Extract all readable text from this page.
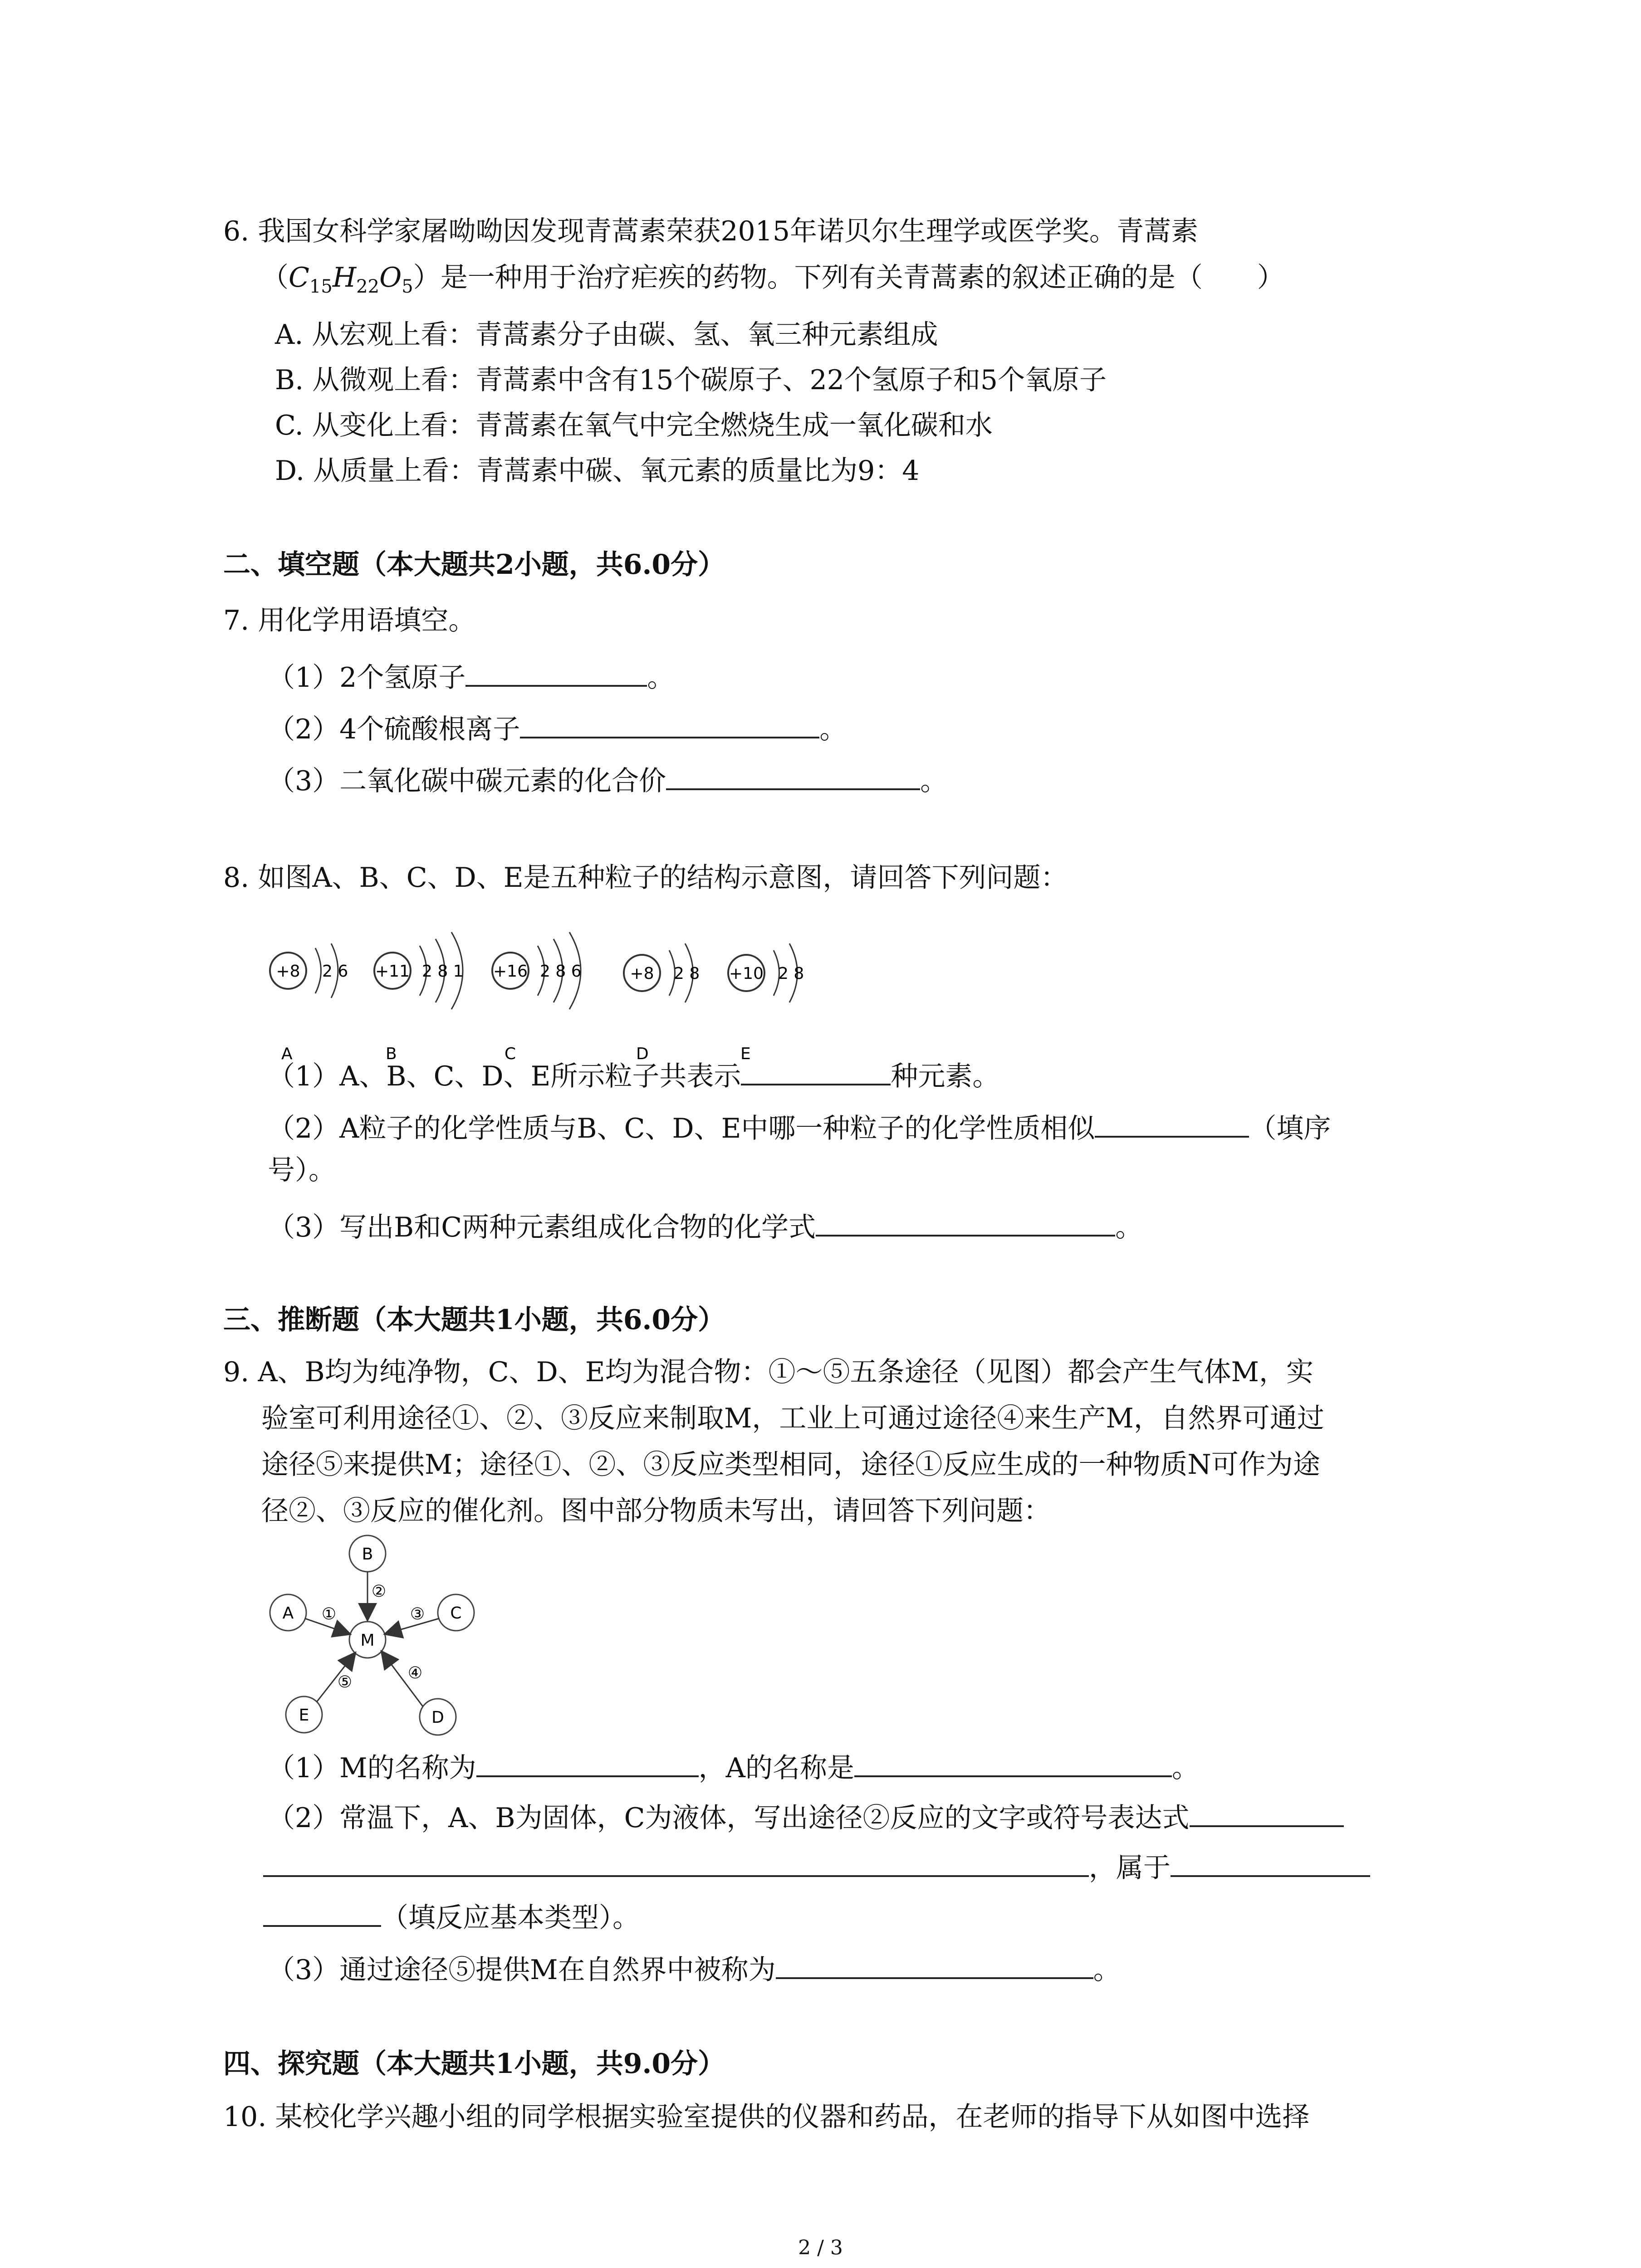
6. 我国女科学家屠呦呦因发现青蒿素荣获2015年诺贝尔生理学或医学奖。青蒿素
$(C_{15}H_{22}O_5)$是一种用于治疗疟疾的药物。下列有关青蒿素的叙述正确的是（　　）
A. 从宏观上看：青蒿素分子由碳、氢、氧三种元素组成
B. 从微观上看：青蒿素中含有15个碳原子、22个氢原子和5个氧原子
C. 从变化上看：青蒿素在氧气中完全燃烧生成一氧化碳和水
D. 从质量上看：青蒿素中碳、氧元素的质量比为9：4
二、填空题（本大题共2小题，共6.0分）
7. 用化学用语填空。
（1）2个氢原子	。
（2）4个硫酸根离子	。
（3）二氧化碳中碳元素的化合价	。
8. 如图A、B、C、D、E是五种粒子的结构示意图，请回答下列问题：
+8 2 6
A
+11 2 8 1
B
+16 2 8 6
C
+8 2 8
D
+10 2 8
E
（1）A、B、C、D、E所示粒子共表示	种元素。
（2）A粒子的化学性质与B、C、D、E中哪一种粒子的化学性质相似	（填序
号）。
（3）写出B和C两种元素组成化合物的化学式	。
三、推断题（本大题共1小题，共6.0分）
9. A、B均为纯净物，C、D、E均为混合物：①～⑤五条途径（见图）都会产生气体M，实
验室可利用途径①、②、③反应来制取M，工业上可通过途径④来生产M，自然界可通过
途径⑤来提供M；途径①、②、③反应类型相同，途径①反应生成的一种物质N可作为途
径②、③反应的催化剂。图中部分物质未写出，请回答下列问题：
M
A
B
C
D
E
①
②
③
④
⑤
（1）M的名称为	，A的名称是	。
（2）常温下，A、B为固体，C为液体，写出途径②反应的文字或符号表达式
，属于
（填反应基本类型）。
（3）通过途径⑤提供M在自然界中被称为	。
四、探究题（本大题共1小题，共9.0分）
10. 某校化学兴趣小组的同学根据实验室提供的仪器和药品，在老师的指导下从如图中选择
2 / 3
